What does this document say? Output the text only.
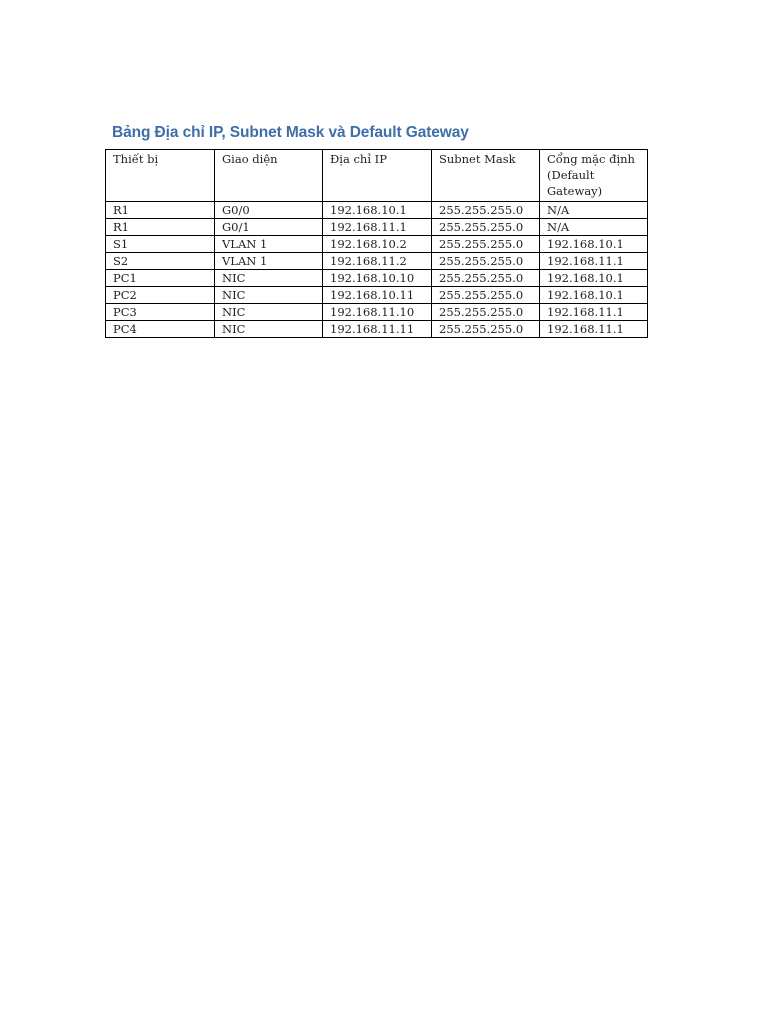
Bảng Địa chỉ IP, Subnet Mask và Default Gateway
Thiết bị	Giao diện	Địa chỉ IP	Subnet Mask	Cổng mặc định (Default Gateway)
R1	G0/0	192.168.10.1	255.255.255.0	N/A
R1	G0/1	192.168.11.1	255.255.255.0	N/A
S1	VLAN 1	192.168.10.2	255.255.255.0	192.168.10.1
S2	VLAN 1	192.168.11.2	255.255.255.0	192.168.11.1
PC1	NIC	192.168.10.10	255.255.255.0	192.168.10.1
PC2	NIC	192.168.10.11	255.255.255.0	192.168.10.1
PC3	NIC	192.168.11.10	255.255.255.0	192.168.11.1
PC4	NIC	192.168.11.11	255.255.255.0	192.168.11.1
